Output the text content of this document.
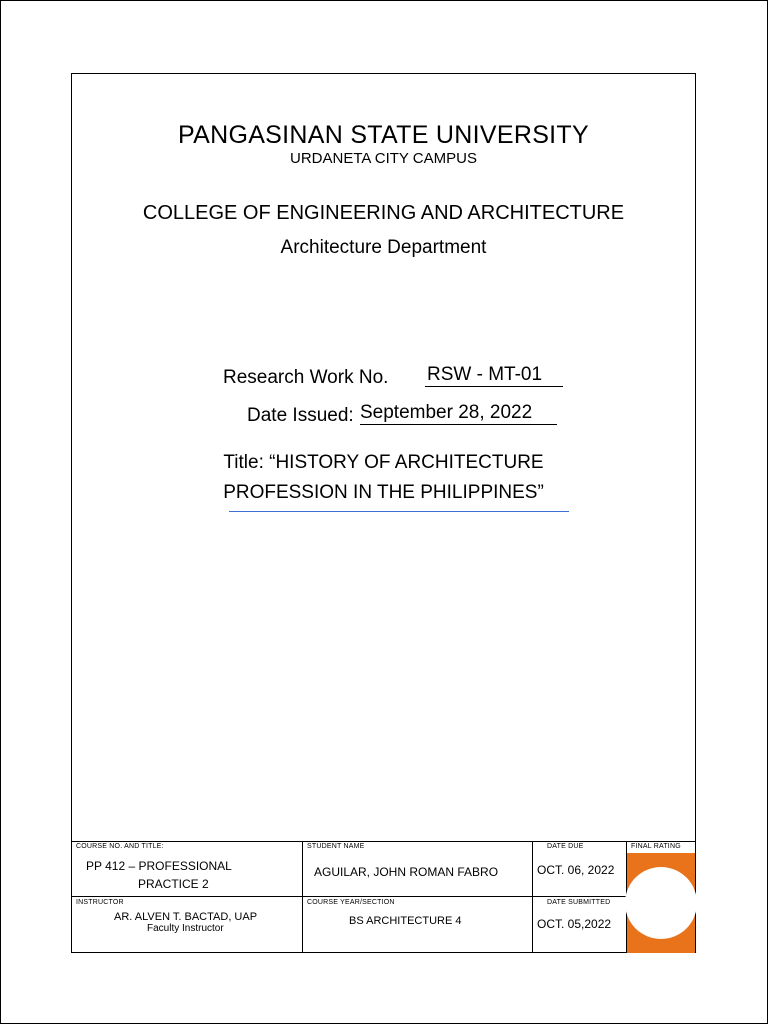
PANGASINAN STATE UNIVERSITY
URDANETA CITY CAMPUS
COLLEGE OF ENGINEERING AND ARCHITECTURE
Architecture Department
Research Work No. RSW - MT-01
Date Issued: September 28, 2022
Title: “HISTORY OF ARCHITECTURE
PROFESSION IN THE PHILIPPINES”
COURSE NO. AND TITLE:
PP 412 – PROFESSIONAL
PRACTICE 2
STUDENT NAME
AGUILAR, JOHN ROMAN FABRO
DATE DUE
OCT. 06, 2022
FINAL RATING
INSTRUCTOR
AR. ALVEN T. BACTAD, UAP
Faculty Instructor
COURSE YEAR/SECTION
BS ARCHITECTURE 4
DATE SUBMITTED
OCT. 05,2022
